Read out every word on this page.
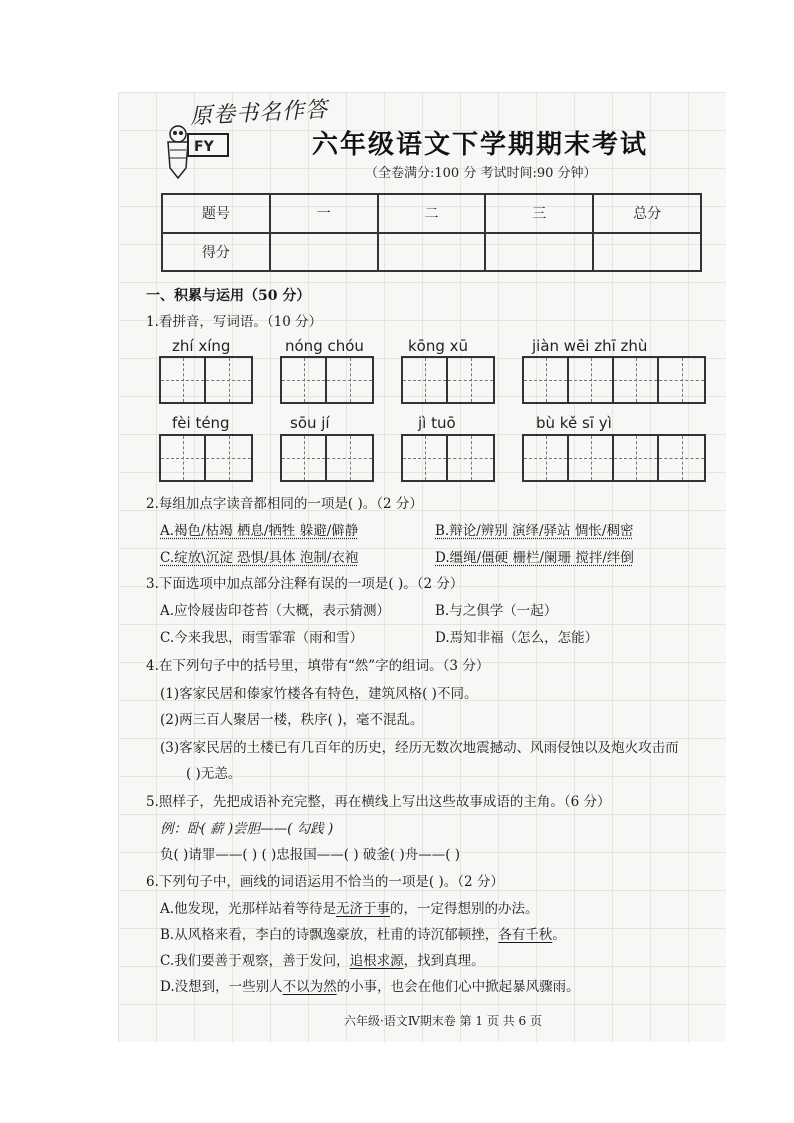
原卷书名作答
FY	六年级语文下学期期末考试
（全卷满分:100 分 考试时间:90 分钟）
题号	一	二	三	总分
得分				
一、积累与运用（50 分）
1.看拼音，写词语。（10 分）
zhí xíng	nóng chóu	kōng xū	jiàn wēi zhī zhù
fèi téng	sōu jí	jì tuō	bù kě sī yì
2.每组加点字读音都相同的一项是( )。（2 分）
A.褐色/枯竭 栖息/牺牲 躲避/僻静	B.辩论/辨别 演绎/驿站 惆怅/稠密
C.绽放\沉淀 恐惧/具体 泡制/衣袍	D.缰绳/僵硬 栅栏/阑珊 搅拌/绊倒
3.下面选项中加点部分注释有误的一项是( )。（2 分）
A.应怜屐齿印苍苔（大概，表示猜测）	B.与之俱学（一起）
C.今来我思，雨雪霏霏（雨和雪）	D.焉知非福（怎么，怎能）
4.在下列句子中的括号里，填带有“然”字的组词。（3 分）
(1)客家民居和傣家竹楼各有特色，建筑风格( )不同。
(2)两三百人聚居一楼，秩序( )，毫不混乱。
(3)客家民居的土楼已有几百年的历史，经历无数次地震撼动、风雨侵蚀以及炮火攻击而
( )无恙。
5.照样子，先把成语补充完整，再在横线上写出这些故事成语的主角。（6 分）
例：卧( 薪 )尝胆——( 勾践 )
负( )请罪——( ) ( )忠报国——( ) 破釜( )舟——( )
6.下列句子中，画线的词语运用不恰当的一项是( )。（2 分）
A.他发现，光那样站着等待是无济于事的，一定得想别的办法。
B.从风格来看，李白的诗飘逸豪放，杜甫的诗沉郁顿挫，各有千秋。
C.我们要善于观察，善于发问，追根求源，找到真理。
D.没想到，一些别人不以为然的小事，也会在他们心中掀起暴风骤雨。
六年级·语文Ⅳ期末卷 第 1 页 共 6 页
